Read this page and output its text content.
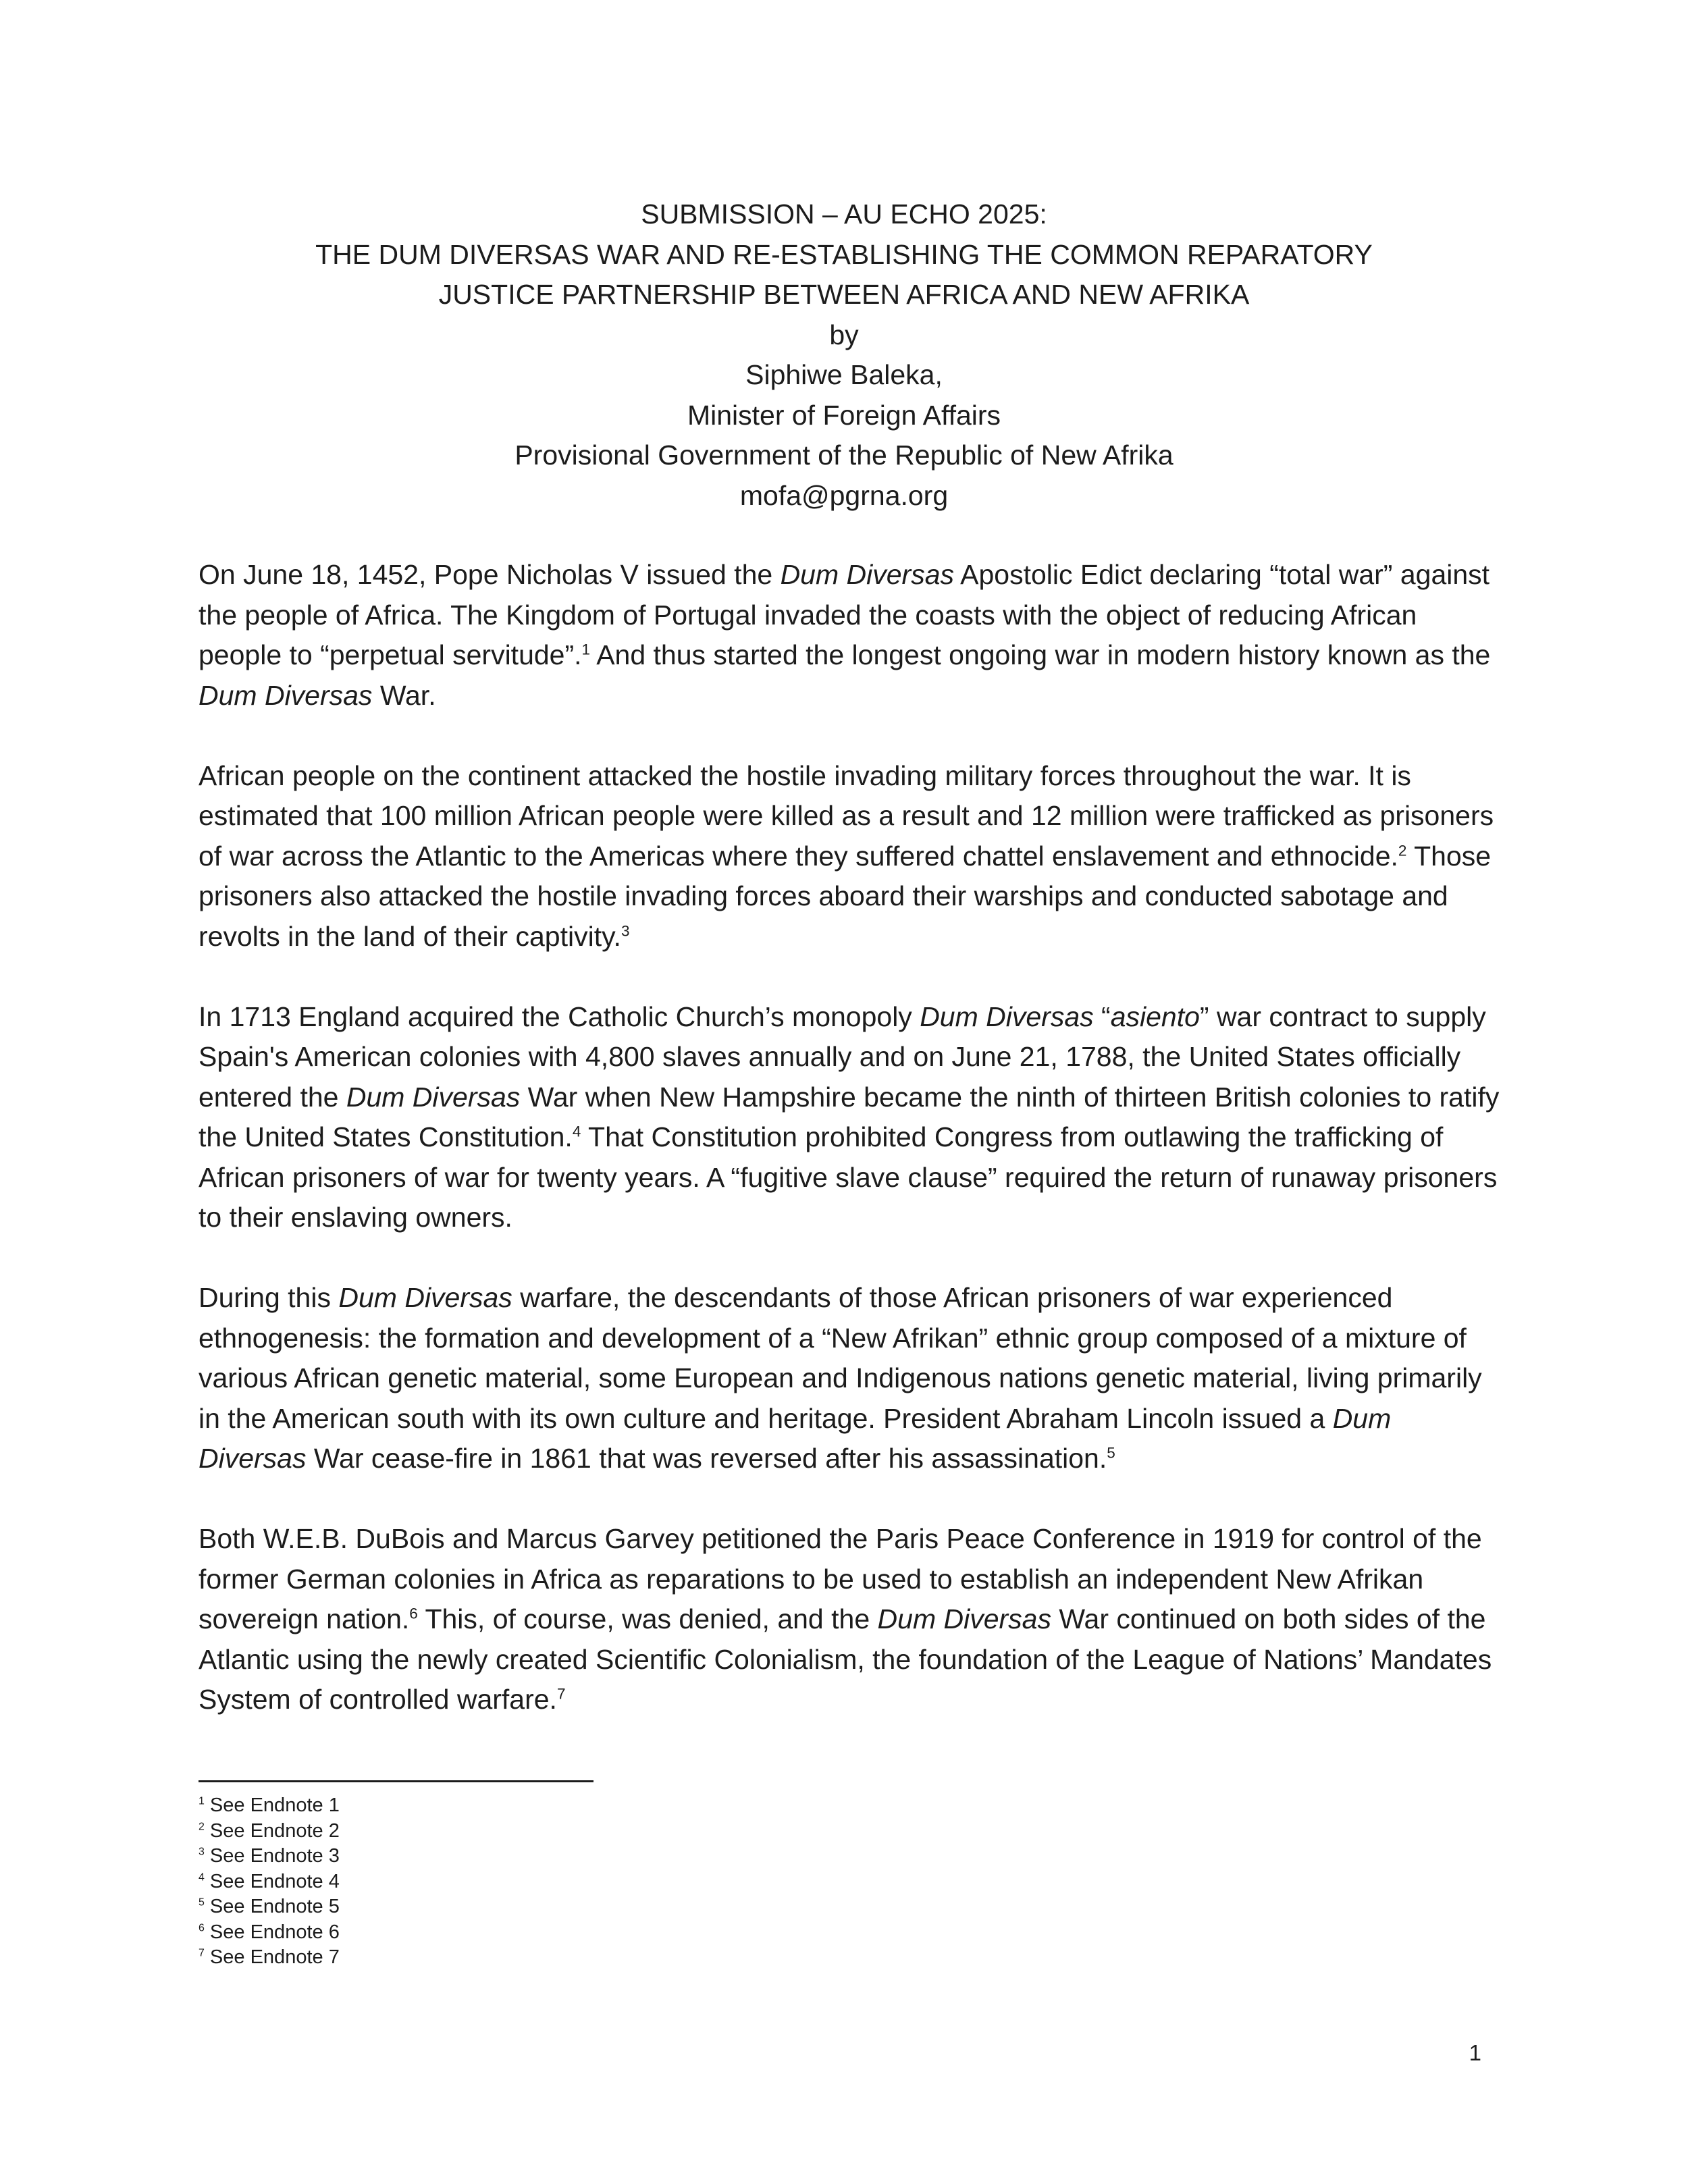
SUBMISSION – AU ECHO 2025:
THE DUM DIVERSAS WAR AND RE-ESTABLISHING THE COMMON REPARATORY
JUSTICE PARTNERSHIP BETWEEN AFRICA AND NEW AFRIKA
by
Siphiwe Baleka,
Minister of Foreign Affairs
Provisional Government of the Republic of New Afrika
mofa@pgrna.org

On June 18, 1452, Pope Nicholas V issued the Dum Diversas Apostolic Edict declaring “total war” against the people of Africa. The Kingdom of Portugal invaded the coasts with the object of reducing African people to “perpetual servitude”.$^1$ And thus started the longest ongoing war in modern history known as the Dum Diversas War.

African people on the continent attacked the hostile invading military forces throughout the war. It is estimated that 100 million African people were killed as a result and 12 million were trafficked as prisoners of war across the Atlantic to the Americas where they suffered chattel enslavement and ethnocide.$^2$ Those prisoners also attacked the hostile invading forces aboard their warships and conducted sabotage and revolts in the land of their captivity.$^3$

In 1713 England acquired the Catholic Church’s monopoly Dum Diversas “asiento” war contract to supply Spain's American colonies with 4,800 slaves annually and on June 21, 1788, the United States officially entered the Dum Diversas War when New Hampshire became the ninth of thirteen British colonies to ratify the United States Constitution.$^4$ That Constitution prohibited Congress from outlawing the trafficking of African prisoners of war for twenty years. A “fugitive slave clause” required the return of runaway prisoners to their enslaving owners.

During this Dum Diversas warfare, the descendants of those African prisoners of war experienced ethnogenesis: the formation and development of a “New Afrikan” ethnic group composed of a mixture of various African genetic material, some European and Indigenous nations genetic material, living primarily in the American south with its own culture and heritage. President Abraham Lincoln issued a Dum Diversas War cease-fire in 1861 that was reversed after his assassination.$^5$

Both W.E.B. DuBois and Marcus Garvey petitioned the Paris Peace Conference in 1919 for control of the former German colonies in Africa as reparations to be used to establish an independent New Afrikan sovereign nation.$^6$ This, of course, was denied, and the Dum Diversas War continued on both sides of the Atlantic using the newly created Scientific Colonialism, the foundation of the League of Nations’ Mandates System of controlled warfare.$^7$

$^1$ See Endnote 1
$^2$ See Endnote 2
$^3$ See Endnote 3
$^4$ See Endnote 4
$^5$ See Endnote 5
$^6$ See Endnote 6
$^7$ See Endnote 7
1
